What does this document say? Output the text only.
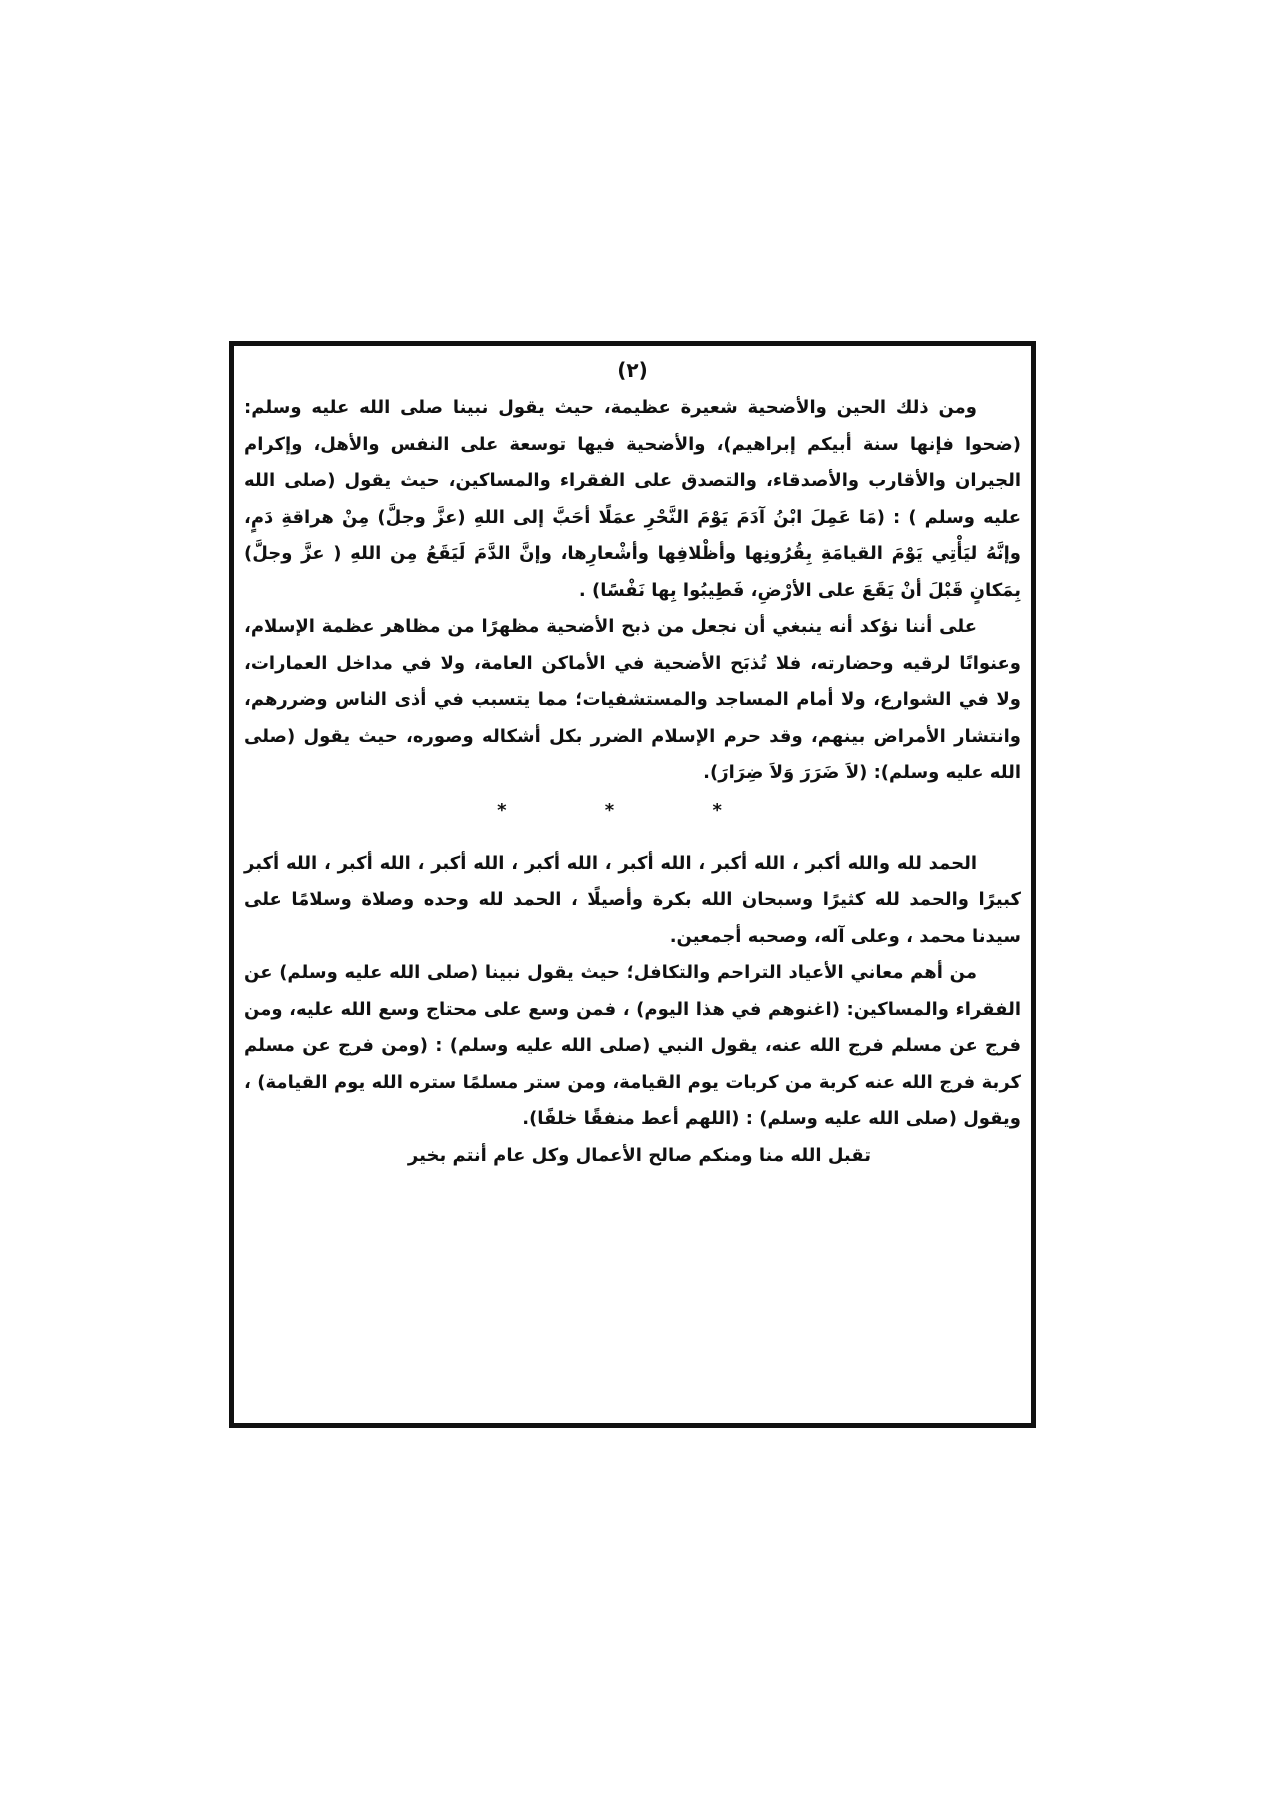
(٢)

ومن ذلك الحين والأضحية شعيرة عظيمة، حيث يقول نبينا صلى الله عليه وسلم: (ضحوا فإنها سنة أبيكم إبراهيم)، والأضحية فيها توسعة على النفس والأهل، وإكرام الجيران والأقارب والأصدقاء، والتصدق على الفقراء والمساكين، حيث يقول (صلى الله عليه وسلم ) : (مَا عَمِلَ ابْنُ آدَمَ يَوْمَ النَّحْرِ عمَلًا أحَبَّ إلى اللهِ (عزَّ وجلَّ) مِنْ هراقةِ دَمٍ، وإنَّهُ ليَأْتِي يَوْمَ القيامَةِ بِقُرُونِها وأظْلافِها وأشْعارِها، وإنَّ الدَّمَ لَيَقَعُ مِن اللهِ ( عزَّ وجلَّ) بِمَكانٍ قَبْلَ أنْ يَقَعَ على الأرْضِ، فَطِيبُوا بِها نَفْسًا) .

على أننا نؤكد أنه ينبغي أن نجعل من ذبح الأضحية مظهرًا من مظاهر عظمة الإسلام، وعنوانًا لرقيه وحضارته، فلا تُذبَح الأضحية في الأماكن العامة، ولا في مداخل العمارات، ولا في الشوارع، ولا أمام المساجد والمستشفيات؛ مما يتسبب في أذى الناس وضررهم، وانتشار الأمراض بينهم، وقد حرم الإسلام الضرر بكل أشكاله وصوره، حيث يقول (صلى الله عليه وسلم): (لاَ ضَرَرَ وَلاَ ضِرَارَ).

* * *

الحمد لله والله أكبر ، الله أكبر ، الله أكبر ، الله أكبر ، الله أكبر ، الله أكبر ، الله أكبر كبيرًا والحمد لله كثيرًا وسبحان الله بكرة وأصيلًا ، الحمد لله وحده وصلاة وسلامًا على سيدنا محمد ، وعلى آله، وصحبه أجمعين.

من أهم معاني الأعياد التراحم والتكافل؛ حيث يقول نبينا (صلى الله عليه وسلم) عن الفقراء والمساكين: (اغنوهم في هذا اليوم) ، فمن وسع على محتاج وسع الله عليه، ومن فرج عن مسلم فرج الله عنه، يقول النبي (صلى الله عليه وسلم) : (ومن فرج عن مسلم كربة فرج الله عنه كربة من كربات يوم القيامة، ومن ستر مسلمًا ستره الله يوم القيامة) ، ويقول (صلى الله عليه وسلم) : (اللهم أعط منفقًا خلفًا).

تقبل الله منا ومنكم صالح الأعمال وكل عام أنتم بخير
